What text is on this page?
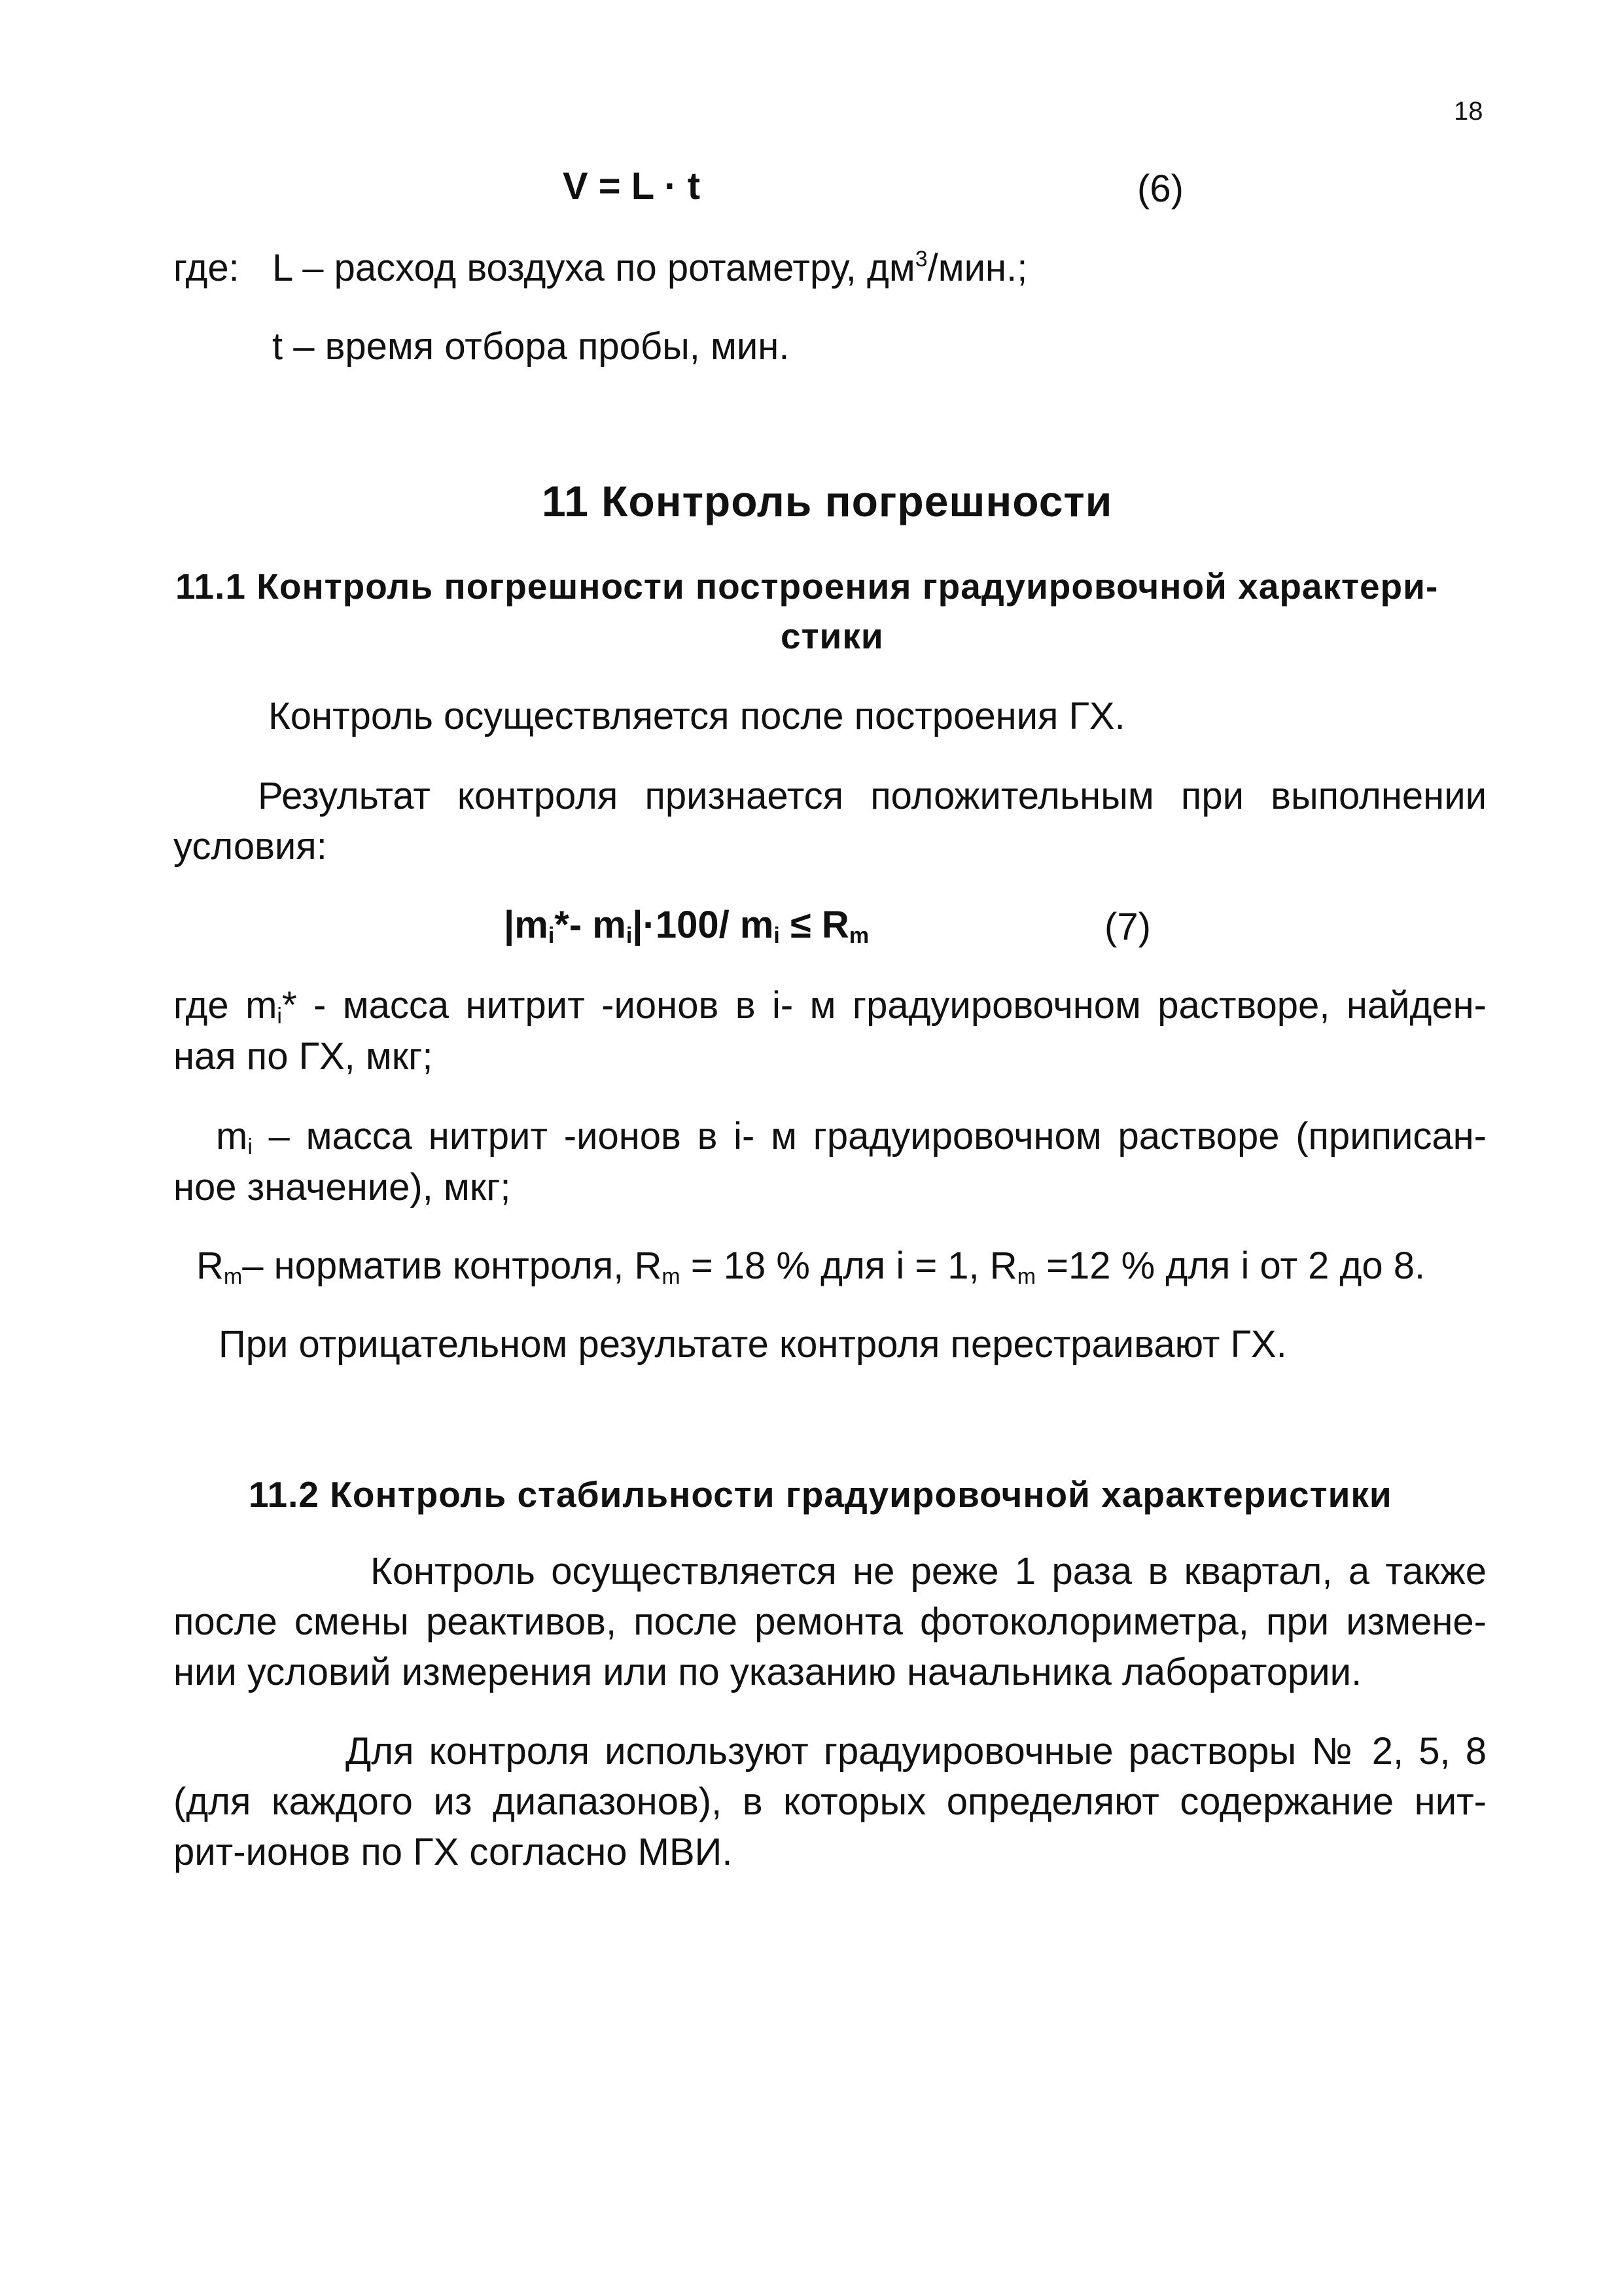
18
V = L · t	(6)
где: L – расход воздуха по ротаметру, $дм^3$/мин.;
t – время отбора пробы, мин.
11 Контроль погрешности
11.1 Контроль погрешности построения градуировочной характери-
стики
Контроль осуществляется после построения ГХ.
Результат контроля признается положительным при выполнении
условия:
$|m_i*-$ $m_i|\cdot 100/$ $m_i \le R_m$	(7)
где $m_i*$ - масса нитрит -ионов в i- м градуировочном растворе, найден-
ная по ГХ, мкг;
$m_i$ – масса нитрит -ионов в i- м градуировочном растворе (приписан-
ное значение), мкг;
$R_m-$ норматив контроля, $R_m = 18$ % для i = 1, $R_m =12$ % для i от 2 до 8.
При отрицательном результате контроля перестраивают ГХ.
11.2 Контроль стабильности градуировочной характеристики
Контроль осуществляется не реже 1 раза в квартал, а также
после смены реактивов, после ремонта фотоколориметра, при измене-
нии условий измерения или по указанию начальника лаборатории.
Для контроля используют градуировочные растворы № 2, 5, 8
(для каждого из диапазонов), в которых определяют содержание нит-
рит-ионов по ГХ согласно МВИ.
